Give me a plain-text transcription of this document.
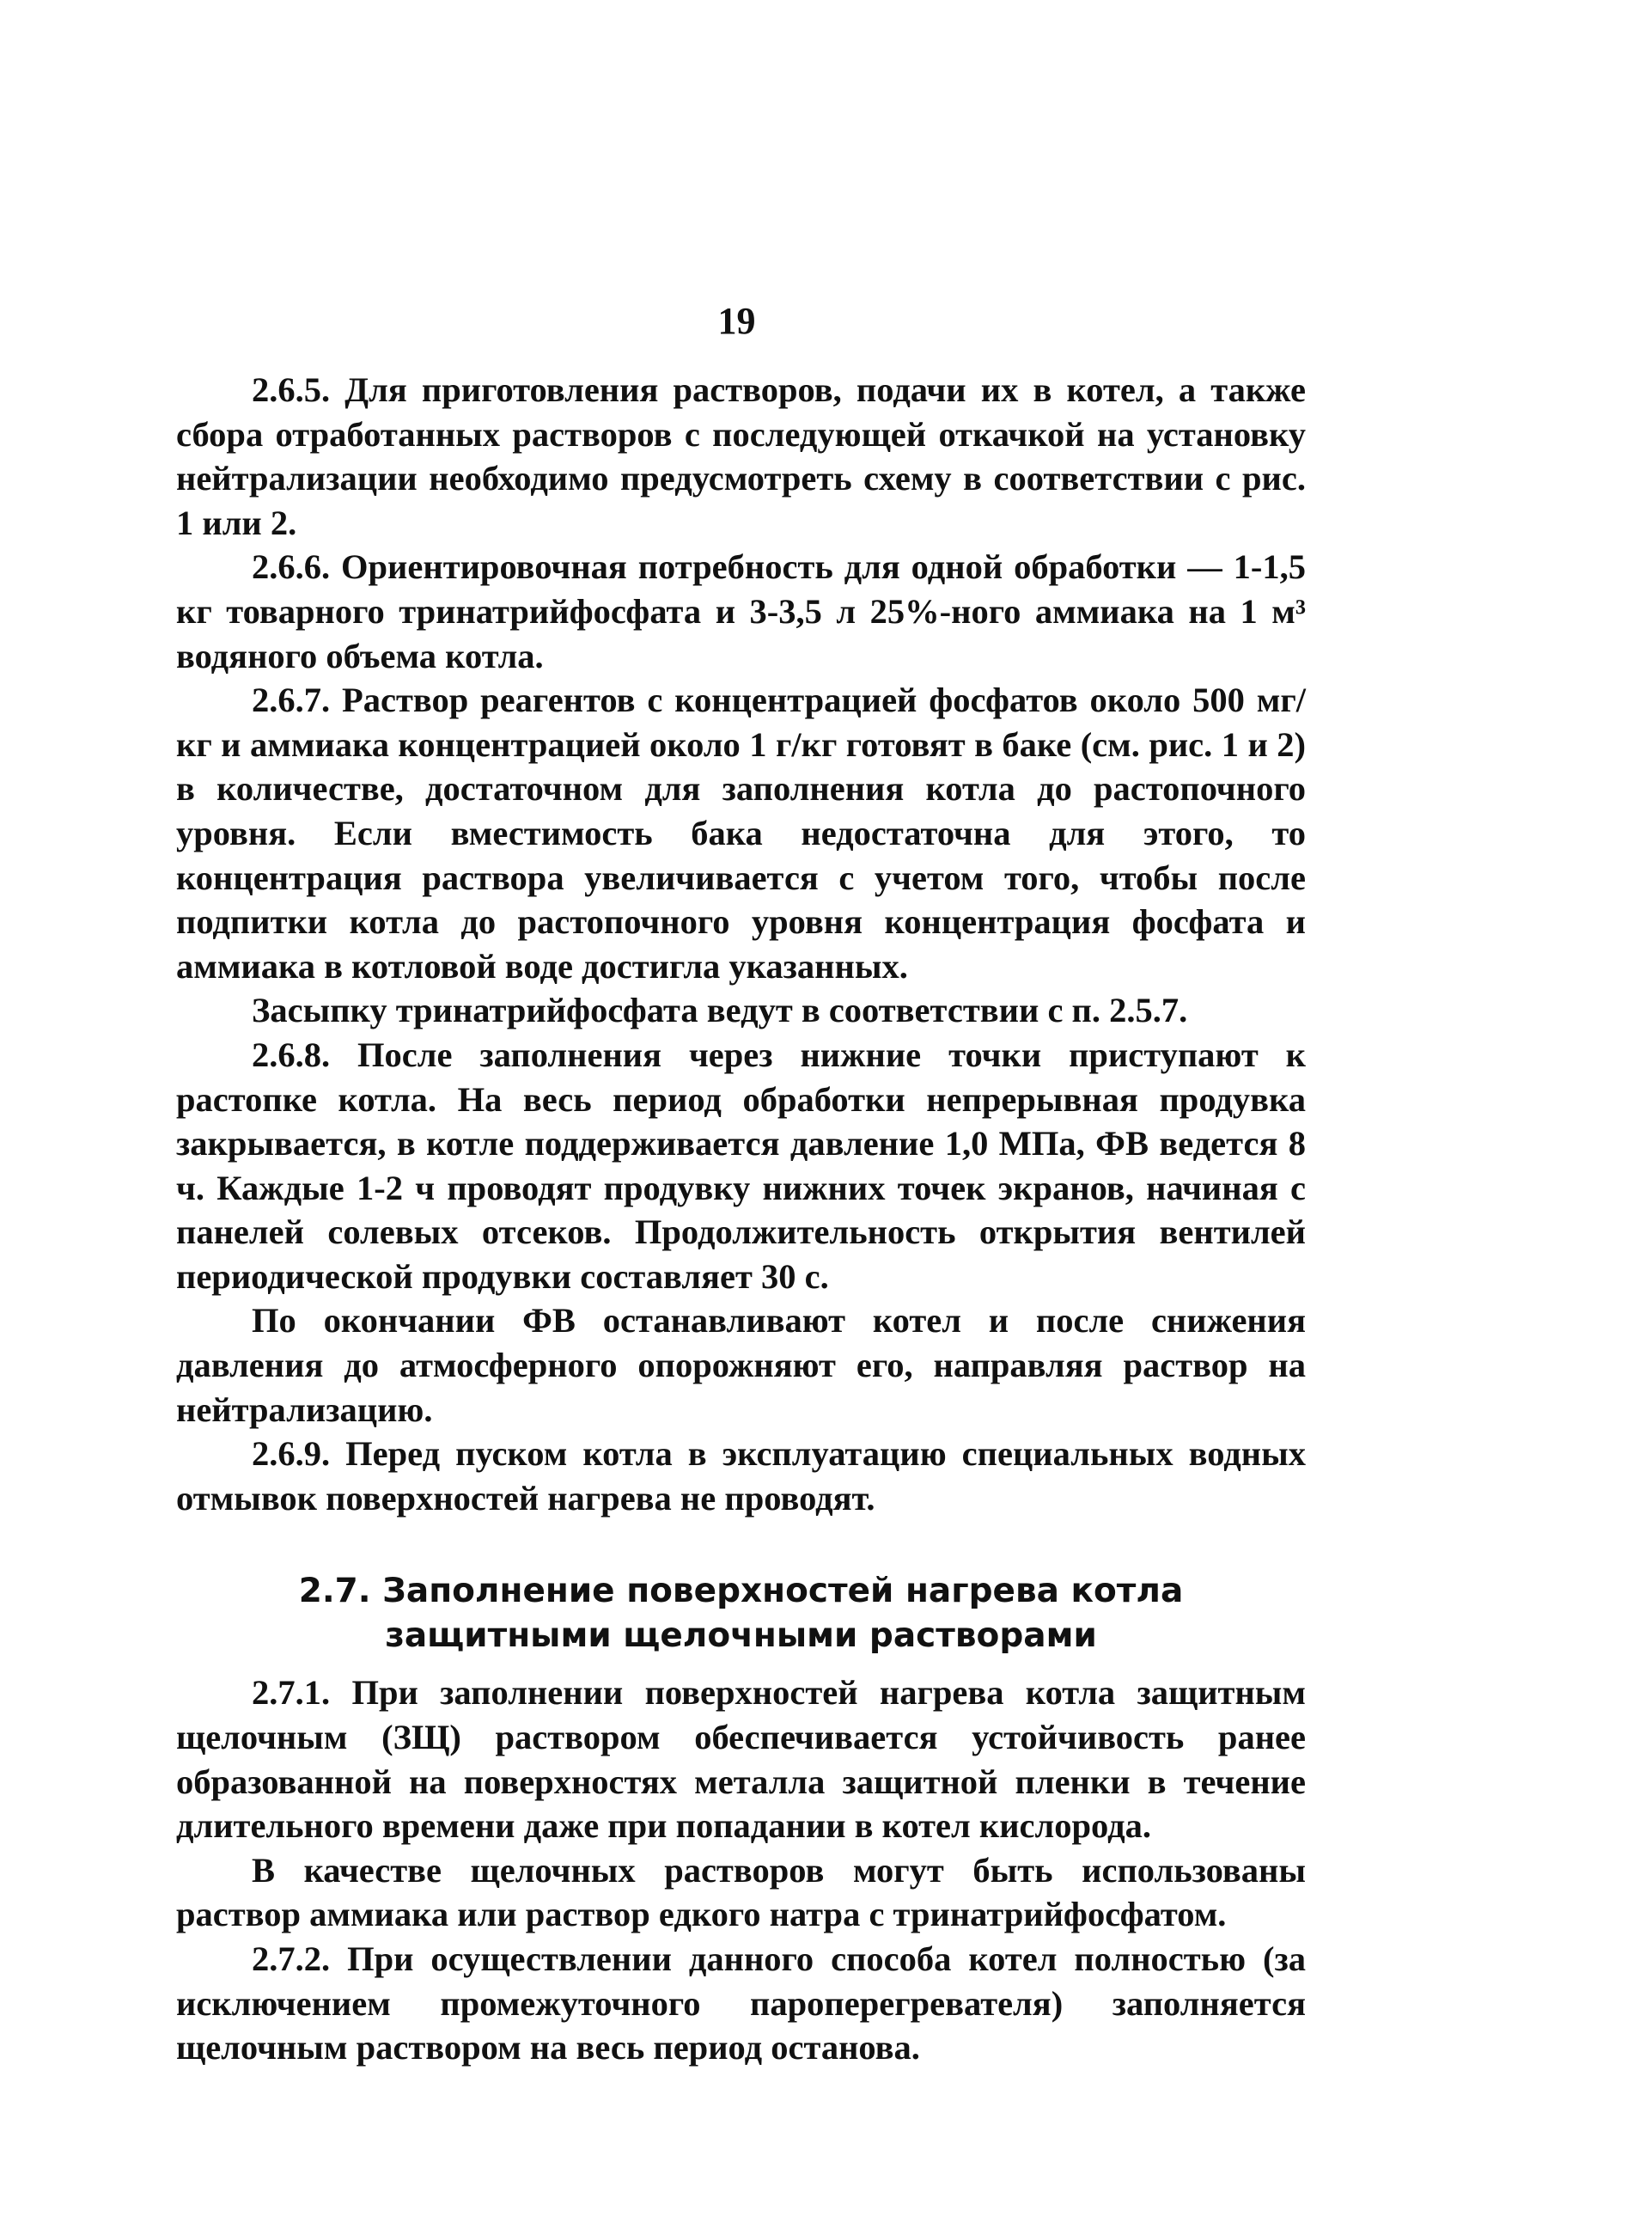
19

2.6.5. Для приготовления растворов, подачи их в котел, а также сбора отработанных растворов с последующей откачкой на установку нейтрализации необходимо предусмотреть схему в соответствии с рис. 1 или 2.

2.6.6. Ориентировочная потребность для одной обработки — 1-1,5 кг товарного тринатрийфосфата и 3-3,5 л 25%-ного аммиака на 1 м³ водяного объема котла.

2.6.7. Раствор реагентов с концентрацией фосфатов около 500 мг/кг и аммиака концентрацией около 1 г/кг готовят в баке (см. рис. 1 и 2) в количестве, достаточном для заполнения котла до растопочного уровня. Если вместимость бака недостаточна для этого, то концентрация раствора увеличивается с учетом того, чтобы после подпитки котла до растопочного уровня концентрация фосфата и аммиака в котловой воде достигла указанных.

Засыпку тринатрийфосфата ведут в соответствии с п. 2.5.7.

2.6.8. После заполнения через нижние точки приступают к растопке котла. На весь период обработки непрерывная продувка закрывается, в котле поддерживается давление 1,0 МПа, ФВ ведется 8 ч. Каждые 1-2 ч проводят продувку нижних точек экранов, начиная с панелей солевых отсеков. Продолжительность открытия вентилей периодической продувки составляет 30 с.

По окончании ФВ останавливают котел и после снижения давления до атмосферного опорожняют его, направляя раствор на нейтрализацию.

2.6.9. Перед пуском котла в эксплуатацию специальных водных отмывок поверхностей нагрева не проводят.

2.7. Заполнение поверхностей нагрева котла
защитными щелочными растворами

2.7.1. При заполнении поверхностей нагрева котла защитным щелочным (ЗЩ) раствором обеспечивается устойчивость ранее образованной на поверхностях металла защитной пленки в течение длительного времени даже при попадании в котел кислорода.

В качестве щелочных растворов могут быть использованы раствор аммиака или раствор едкого натра с тринатрийфосфатом.

2.7.2. При осуществлении данного способа котел полностью (за исключением промежуточного пароперегревателя) заполняется щелочным раствором на весь период останова.
